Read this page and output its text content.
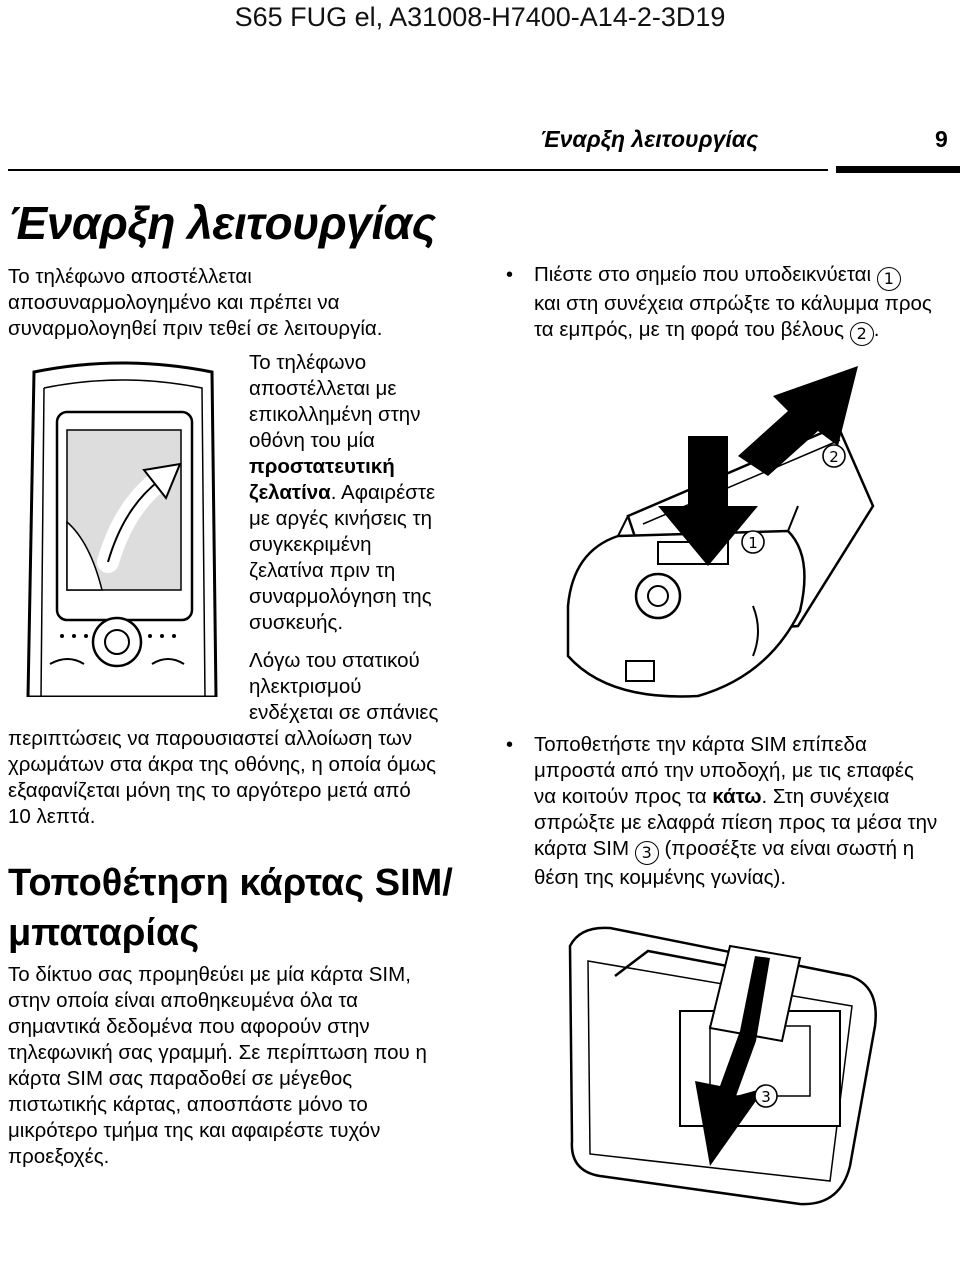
S65 FUG el, A31008-H7400-A14-2-3D19
Έναρξη λειτουργίας	9
Έναρξη λειτουργίας
Το τηλέφωνο αποστέλλεται
αποσυναρμολογημένο και πρέπει να
συναρμολογηθεί πριν τεθεί σε λειτουργία.
Το τηλέφωνο
αποστέλλεται με
επικολλημένη στην
οθόνη του μία
προστατευτική
ζελατίνα. Αφαιρέστε
με αργές κινήσεις τη
συγκεκριμένη
ζελατίνα πριν τη
συναρμολόγηση της
συσκευής.
Λόγω του στατικού
ηλεκτρισμού
ενδέχεται σε σπάνιες
περιπτώσεις να παρουσιαστεί αλλοίωση των
χρωμάτων στα άκρα της οθόνης, η οποία όμως
εξαφανίζεται μόνη της το αργότερο μετά από
10 λεπτά.
Τοποθέτηση κάρτας SIM/
μπαταρίας
Το δίκτυο σας προμηθεύει με μία κάρτα SIM,
στην οποία είναι αποθηκευμένα όλα τα
σημαντικά δεδομένα που αφορούν στην
τηλεφωνική σας γραμμή. Σε περίπτωση που η
κάρτα SIM σας παραδοθεί σε μέγεθος
πιστωτικής κάρτας, αποσπάστε μόνο το
μικρότερο τμήμα της και αφαιρέστε τυχόν
προεξοχές.
• Πιέστε στο σημείο που υποδεικνύεται 1
και στη συνέχεια σπρώξτε το κάλυμμα προς
τα εμπρός, με τη φορά του βέλους 2 .
2
1
• Τοποθετήστε την κάρτα SIM επίπεδα
μπροστά από την υποδοχή, με τις επαφές
να κοιτούν προς τα κάτω. Στη συνέχεια
σπρώξτε με ελαφρά πίεση προς τα μέσα την
κάρτα SIM 3 (προσέξτε να είναι σωστή η
θέση της κομμένης γωνίας).
3
